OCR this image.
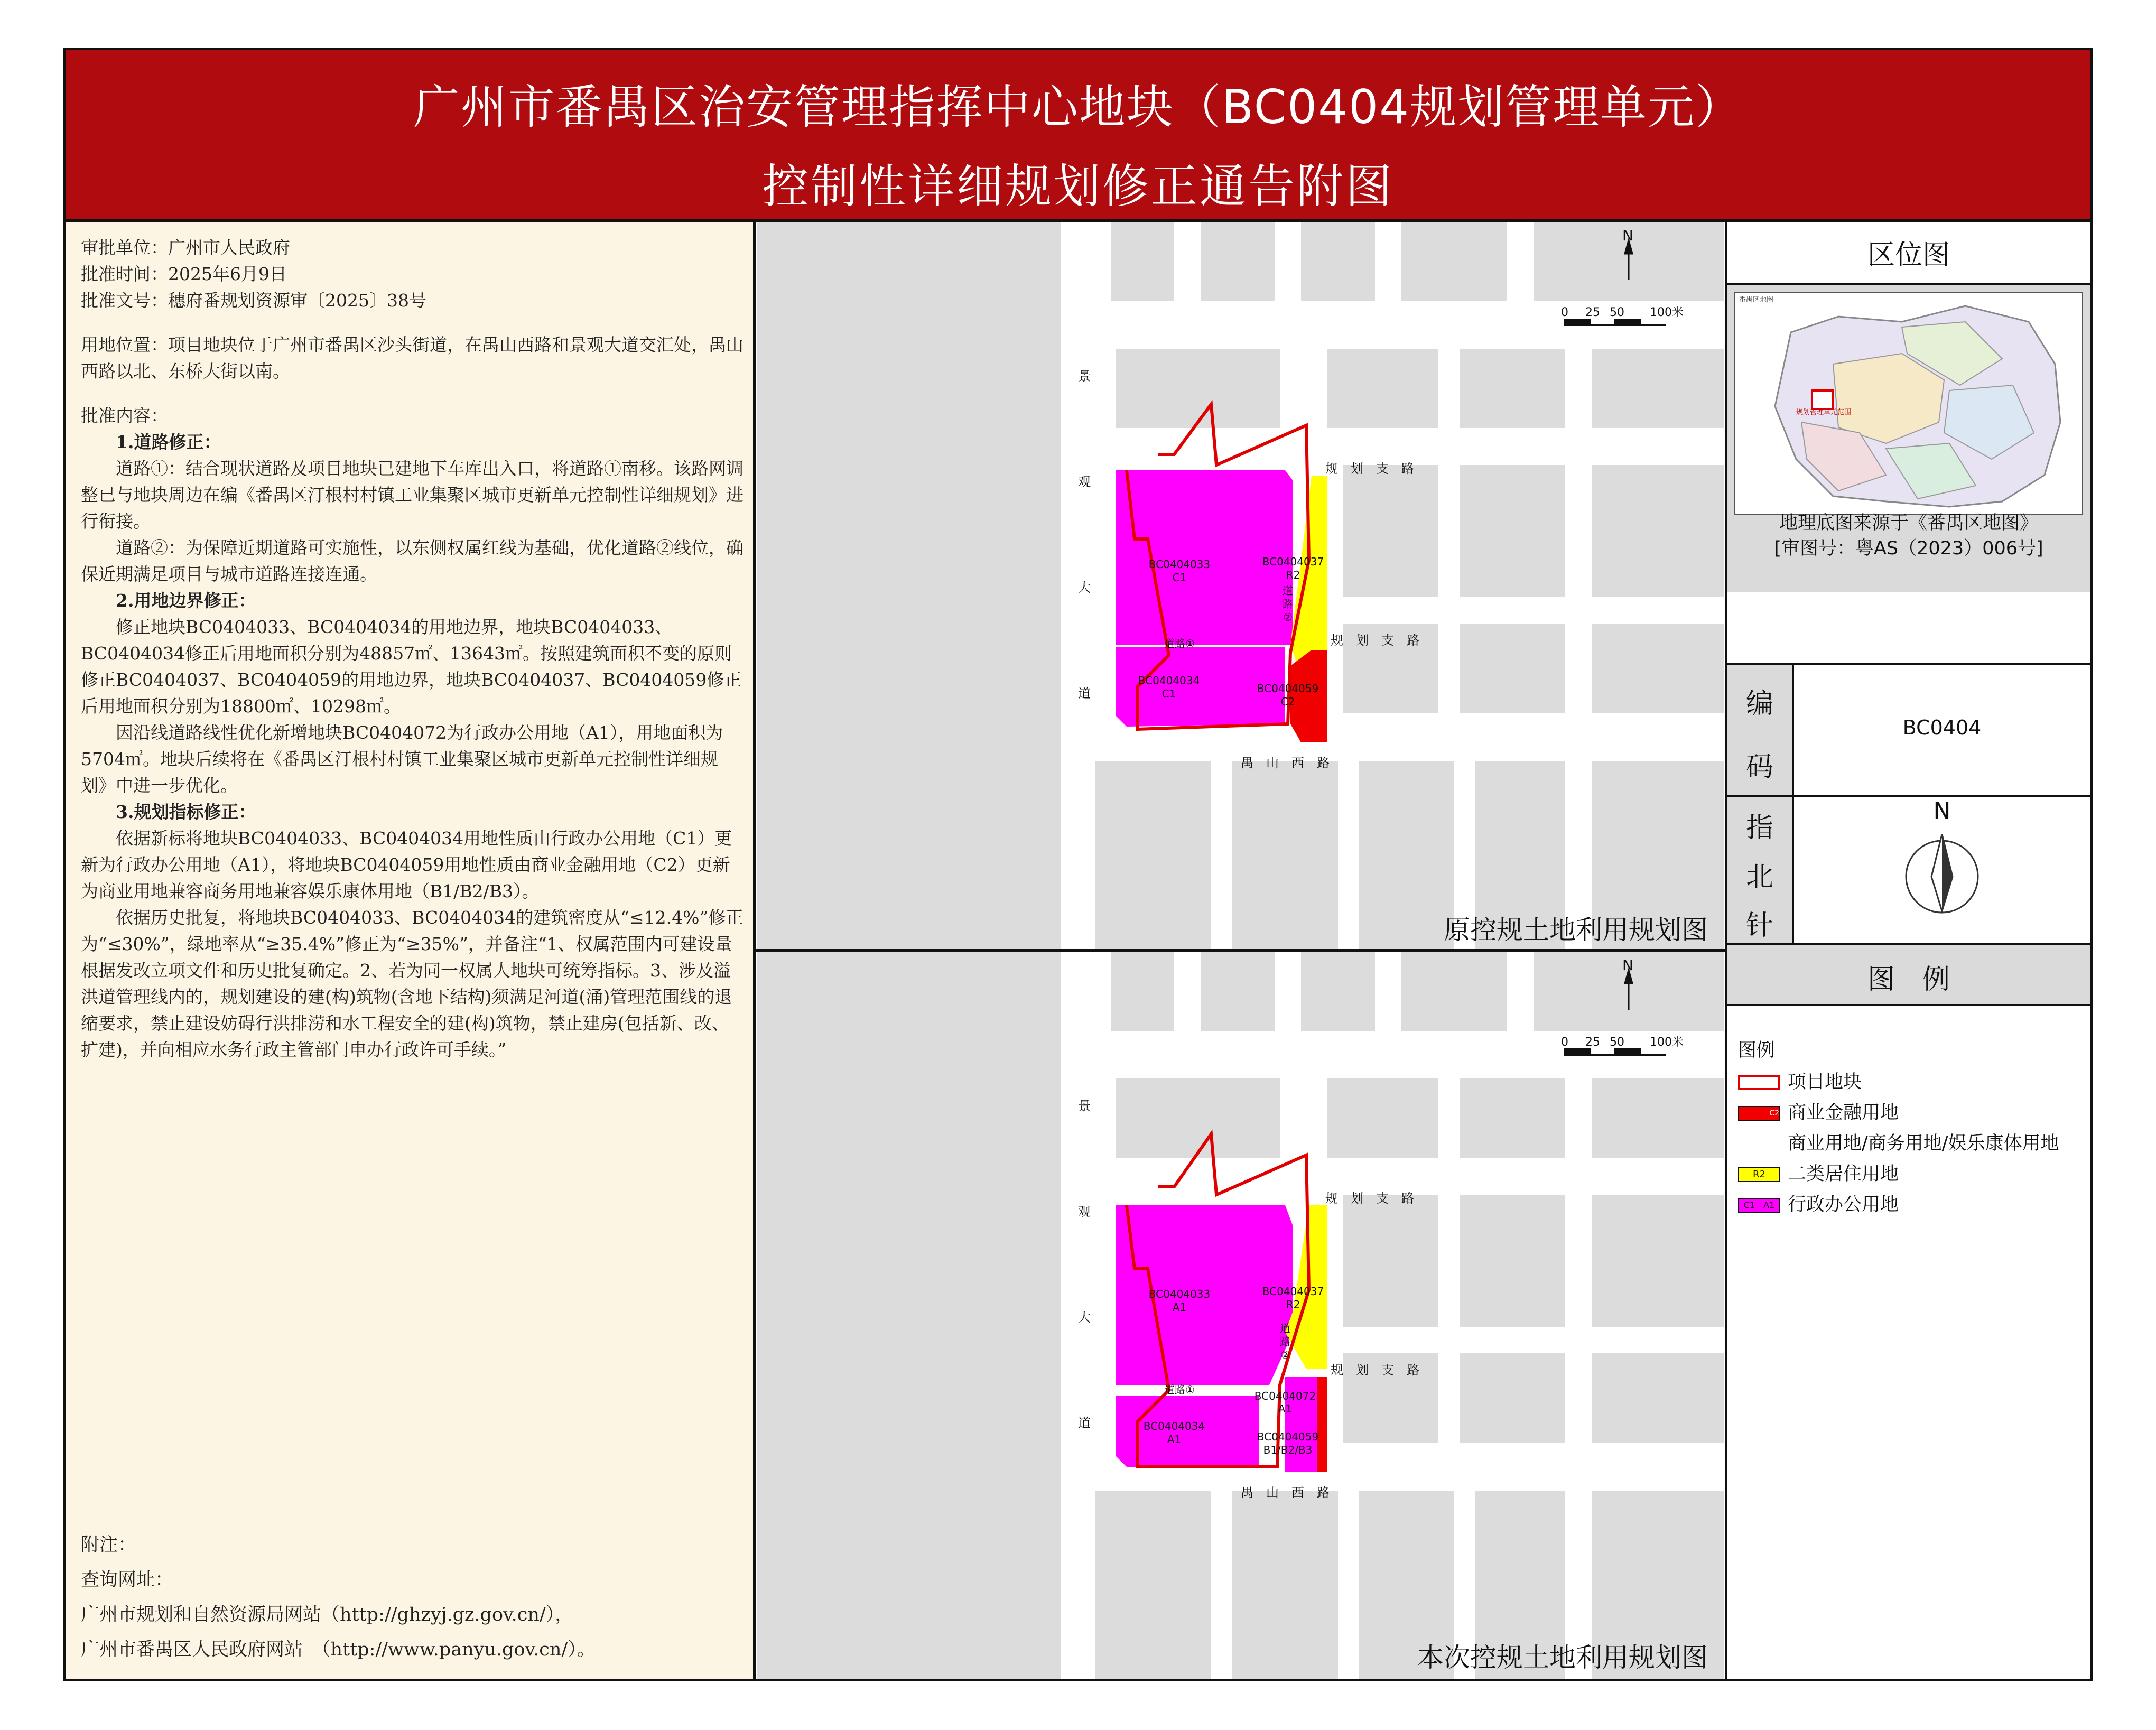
广州市番禺区治安管理指挥中心地块（BC0404规划管理单元）
控制性详细规划修正通告附图

审批单位：广州市人民政府

批准时间：2025年6月9日

批准文号：穗府番规划资源审〔2025〕38号

用地位置：项目地块位于广州市番禺区沙头街道，在禺山西路和景观大道交汇处，禺山西路以北、东桥大街以南。

批准内容：

1.道路修正：

道路①：结合现状道路及项目地块已建地下车库出入口，将道路①南移。该路网调整已与地块周边在编《番禺区汀根村村镇工业集聚区城市更新单元控制性详细规划》进行衔接。

道路②：为保障近期道路可实施性，以东侧权属红线为基础，优化道路②线位，确保近期满足项目与城市道路连接连通。

2.用地边界修正：

修正地块BC0404033、BC0404034的用地边界，地块BC0404033、BC0404034修正后用地面积分别为48857㎡、13643㎡。按照建筑面积不变的原则修正BC0404037、BC0404059的用地边界，地块BC0404037、BC0404059修正后用地面积分别为18800㎡、10298㎡。

因沿线道路线性优化新增地块BC0404072为行政办公用地（A1），用地面积为5704㎡。地块后续将在《番禺区汀根村村镇工业集聚区城市更新单元控制性详细规划》中进一步优化。

3.规划指标修正：

依据新标将地块BC0404033、BC0404034用地性质由行政办公用地（C1）更新为行政办公用地（A1），将地块BC0404059用地性质由商业金融用地（C2）更新为商业用地兼容商务用地兼容娱乐康体用地（B1/B2/B3）。

依据历史批复，将地块BC0404033、BC0404034的建筑密度从“≤12.4%”修正为“≤30%”，绿地率从“≥35.4%”修正为“≥35%”，并备注“1、权属范围内可建设量根据发改立项文件和历史批复确定。2、若为同一权属人地块可统筹指标。3、涉及溢洪道管理线内的，规划建设的建(构)筑物(含地下结构)须满足河道(涌)管理范围线的退缩要求，禁止建设妨碍行洪排涝和水工程安全的建(构)筑物，禁止建房(包括新、改、扩建)，并向相应水务行政主管部门申办行政许可手续。”

附注：

查询网址：

广州市规划和自然资源局网站（http://ghzyj.gz.gov.cn/），

广州市番禺区人民政府网站　（http://www.panyu.gov.cn/）。

N
0 25 50 100米
景
观
大
道
规　划　支　路
规　划　支　路
禺　山　西　路
道路①
道
路
②
BC0404033
C1
BC0404037
R2
BC0404034
C1	BC0404059
C2
原控规土地利用规划图
N
0 25 50 100米
景
观
大
道
规　划　支　路
规　划　支　路
禺　山　西　路
道路①
道
路
②
BC0404033
A1
BC0404037
R2
BC0404034
A1
BC0404072
A1
BC0404059
B1/B2/B3
本次控规土地利用规划图
区位图
番禺区地图
规划管理单元范围
地理底图来源于《番禺区地图》
[审图号：粤AS（2023）006号]
编
码
BC0404
指
北
针
N
图　例
图例
项目地块
C2 商业金融用地
商业用地/商务用地/娱乐康体用地
R2 二类居住用地
C1　A1 行政办公用地
